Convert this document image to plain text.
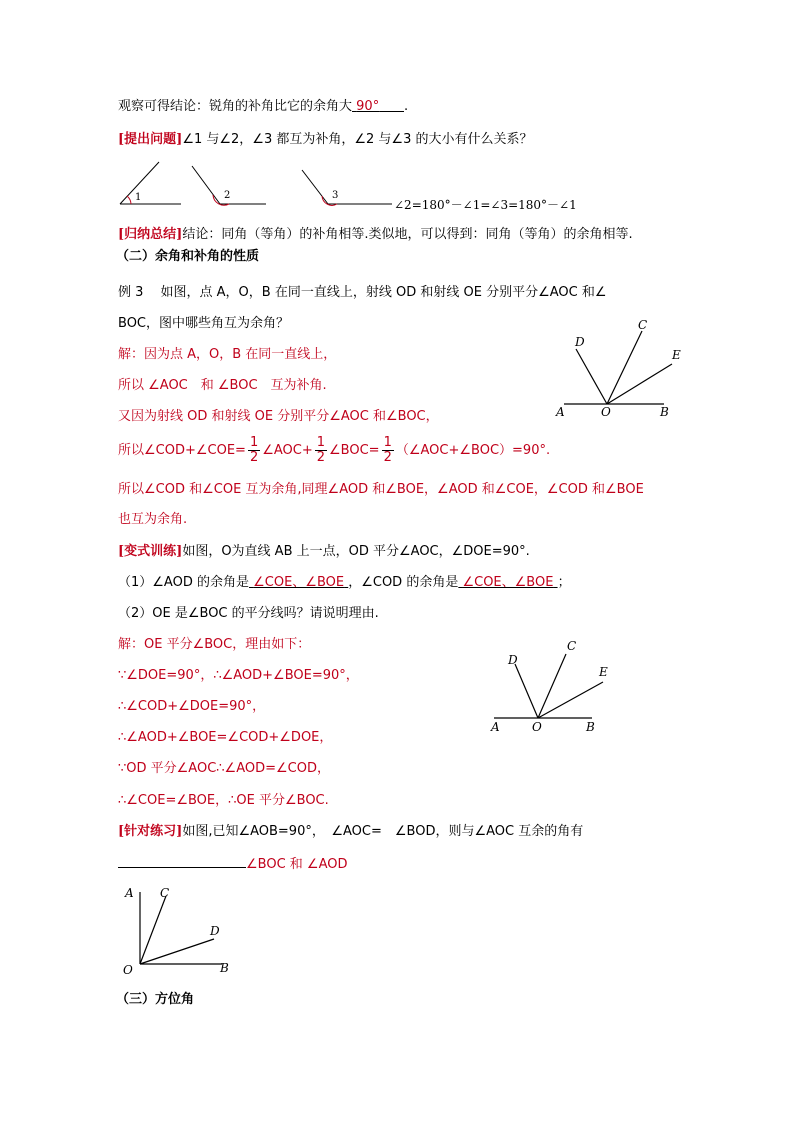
观察可得结论：锐角的补角比它的余角大 90° .
[提出问题]∠1 与∠2，∠3 都互为补角，∠2 与∠3 的大小有什么关系？
1	2	3
∠2=180°－∠1=∠3=180°－∠1
[归纳总结]结论：同角（等角）的补角相等.类似地，可以得到：同角（等角）的余角相等.
（二）余角和补角的性质
例 3　 如图，点 A，O，B 在同一直线上，射线 OD 和射线 OE 分别平分∠AOC 和∠
BOC，图中哪些角互为余角？
解：因为点 A，O，B 在同一直线上，
所以 ∠AOC　和 ∠BOC　互为补角.
又因为射线 OD 和射线 OE 分别平分∠AOC 和∠BOC，
所以∠COD+∠COE= $\frac{1}{2}$ ∠AOC+ $\frac{1}{2}$ ∠BOC= $\frac{1}{2}$ （∠AOC+∠BOC）=90°.
所以∠COD 和∠COE 互为余角,同理∠AOD 和∠BOE，∠AOD 和∠COE，∠COD 和∠BOE
也互为余角.
A	O	B
D
C
E
[变式训练]如图，O为直线 AB 上一点，OD 平分∠AOC，∠DOE=90°.
（1）∠AOD 的余角是 ∠COE、∠BOE ，∠COD 的余角是 ∠COE、∠BOE ；
（2）OE 是∠BOC 的平分线吗？请说明理由.
解：OE 平分∠BOC，理由如下：
∵∠DOE=90°，∴∠AOD+∠BOE=90°，
∴∠COD+∠DOE=90°，
∴∠AOD+∠BOE=∠COD+∠DOE，
∵OD 平分∠AOC∴∠AOD=∠COD，
∴∠COE=∠BOE，∴OE 平分∠BOC.
A	O	B
D
C
E
[针对练习]如图,已知∠AOB=90°，　∠AOC=　∠BOD，则与∠AOC 互余的角有
∠BOC 和 ∠AOD
A C
D
O	B
（三）方位角
